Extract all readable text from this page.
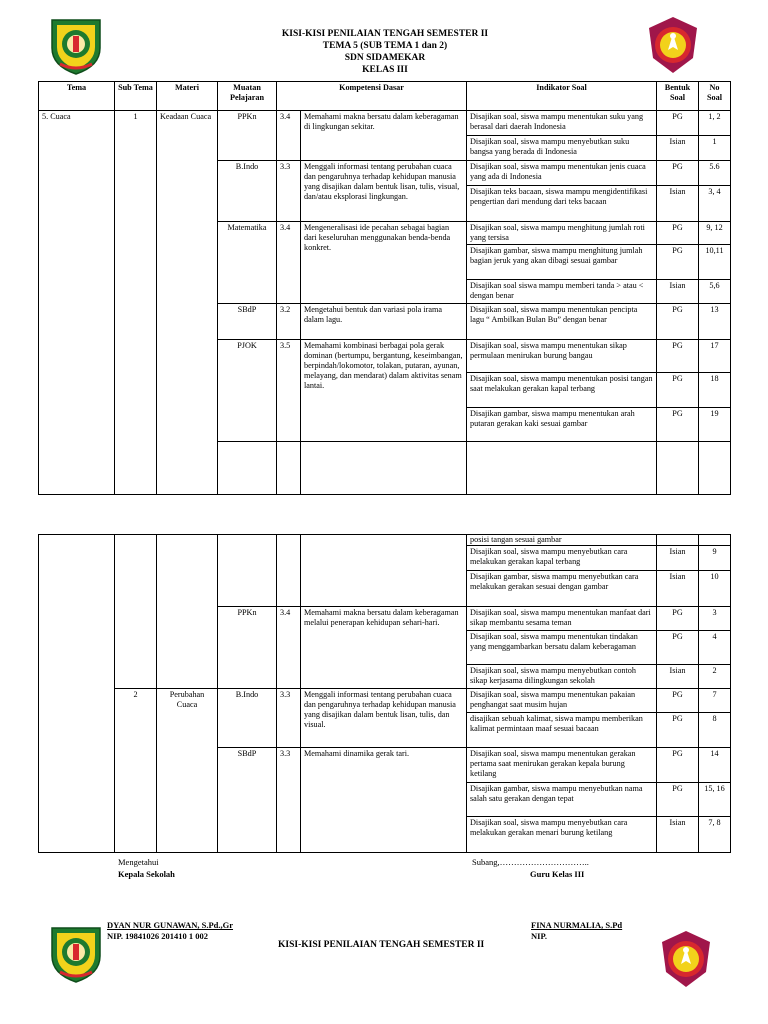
KISI-KISI PENILAIAN TENGAH SEMESTER II
TEMA 5 (SUB TEMA 1 dan 2)
SDN SIDAMEKAR
KELAS III
Tema	Sub Tema	Materi	Muatan Pelajaran	Kompetensi Dasar		Indikator Soal	Bentuk Soal	No Soal	
5. Cuaca	1	Keadaan Cuaca	PPKn	3.4	Memahami makna bersatu dalam keberagaman di lingkungan sekitar.	Disajikan soal, siswa mampu menentukan suku yang berasal dari daerah Indonesia	PG	1, 2	
						Disajikan soal, siswa mampu menyebutkan suku bangsa yang berada di Indonesia	Isian	1	
			B.Indo	3.3	Menggali informasi tentang perubahan cuaca dan pengaruhnya terhadap kehidupan manusia yang disajikan dalam bentuk lisan, tulis, visual, dan/atau eksplorasi lingkungan.	Disajikan soal, siswa mampu menentukan jenis cuaca yang ada di Indonesia	PG	5.6	
						Disajikan teks bacaan, siswa mampu mengidentifikasi pengertian dari mendung dari teks bacaan	Isian	3, 4	
			Matematika	3.4	Mengeneralisasi ide pecahan sebagai bagian dari keseluruhan menggunakan benda-benda konkret.	Disajikan soal, siswa mampu menghitung jumlah roti yang tersisa	PG	9, 12	
						Disajikan gambar, siswa mampu menghitung jumlah bagian jeruk yang akan dibagi sesuai gambar	PG	10,11	
						Disajikan soal siswa mampu memberi tanda > atau < dengan benar	Isian	5,6	
			SBdP	3.2	Mengetahui bentuk dan variasi pola irama dalam lagu.	Disajikan soal, siswa mampu menentukan pencipta lagu “ Ambilkan Bulan Bu” dengan benar	PG	13	
			PJOK	3.5	Memahami kombinasi berbagai pola gerak dominan (bertumpu, bergantung, keseimbangan, berpindah/lokomotor, tolakan, putaran, ayunan, melayang, dan mendarat) dalam aktivitas senam lantai.	Disajikan soal, siswa mampu menentukan sikap permulaan menirukan burung bangau	PG	17	
						Disajikan soal, siswa mampu menentukan posisi tangan saat melakukan gerakan kapal terbang	PG	18	
						Disajikan gambar, siswa mampu menentukan arah putaran gerakan kaki sesuai gambar	PG	19	

						posisi tangan sesuai gambar		
						Disajikan soal, siswa mampu menyebutkan cara melakukan gerakan kapal terbang	Isian	9
						Disajikan gambar, siswa mampu menyebutkan cara melakukan gerakan sesuai dengan gambar	Isian	10
			PPKn	3.4	Memahami makna bersatu dalam keberagaman melalui penerapan kehidupan sehari-hari.	Disajikan soal, siswa mampu menentukan manfaat dari sikap membantu sesama teman	PG	3
						Disajikan soal, siswa mampu menentukan tindakan yang menggambarkan bersatu dalam keberagaman	PG	4
						Disajikan soal, siswa mampu menyebutkan contoh sikap kerjasama dilingkungan sekolah	Isian	2
	2	Perubahan Cuaca	B.Indo	3.3	Menggali informasi tentang perubahan cuaca dan pengaruhnya terhadap kehidupan manusia yang disajikan dalam bentuk lisan, tulis, dan visual.	Disajikan soal, siswa mampu menentukan pakaian penghangat saat musim hujan	PG	7
						disajikan sebuah kalimat, siswa mampu memberikan kalimat permintaan maaf sesuai bacaan	PG	8
			SBdP	3.3	Memahami dinamika gerak tari.	Disajikan soal, siswa mampu menentukan gerakan pertama saat menirukan gerakan kepala burung ketilang	PG	14
						Disajikan gambar, siswa mampu menyebutkan nama salah satu gerakan dengan tepat	PG	15, 16
						Disajikan soal, siswa mampu menyebutkan cara melakukan gerakan menari burung ketilang	Isian	7, 8
Mengetahui
Kepala Sekolah
Subang,…………………………..
Guru Kelas III
DYAN NUR GUNAWAN, S.Pd.,Gr
NIP. 19841026 201410 1 002
FINA NURMALIA, S.Pd
NIP.
KISI-KISI PENILAIAN TENGAH SEMESTER II
